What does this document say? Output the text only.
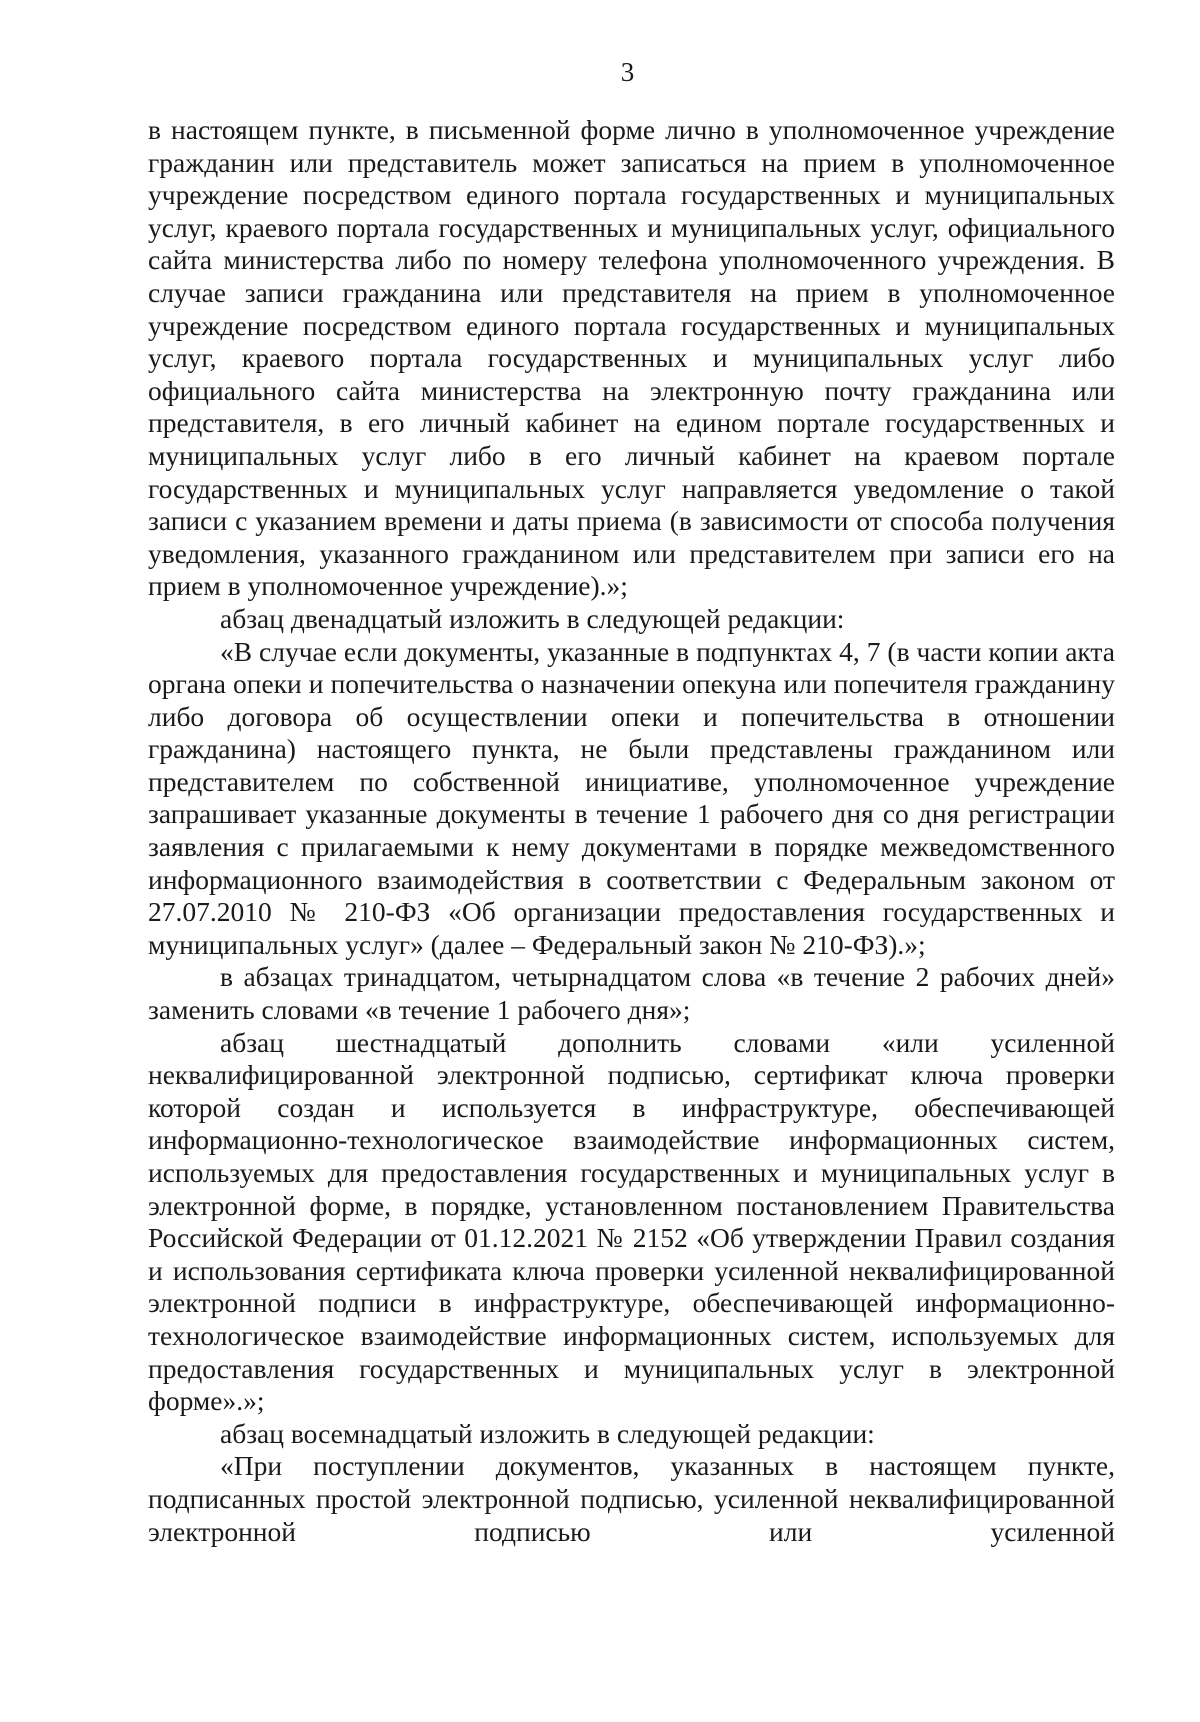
3

в настоящем пункте, в письменной форме лично в уполномоченное учреждение гражданин или представитель может записаться на прием в уполномоченное учреждение посредством единого портала государственных и муниципальных услуг, краевого портала государственных и муниципальных услуг, официального сайта министерства либо по номеру телефона уполномоченного учреждения. В случае записи гражданина или представителя на прием в уполномоченное учреждение посредством единого портала государственных и муниципальных услуг, краевого портала государственных и муниципальных услуг либо официального сайта министерства на электронную почту гражданина или представителя, в его личный кабинет на едином портале государственных и муниципальных услуг либо в его личный кабинет на краевом портале государственных и муниципальных услуг направляется уведомление о такой записи с указанием времени и даты приема (в зависимости от способа получения уведомления, указанного гражданином или представителем при записи его на прием в уполномоченное учреждение).»;

абзац двенадцатый изложить в следующей редакции:

«В случае если документы, указанные в подпунктах 4, 7 (в части копии акта органа опеки и попечительства о назначении опекуна или попечителя гражданину либо договора об осуществлении опеки и попечительства в отношении гражданина) настоящего пункта, не были представлены гражданином или представителем по собственной инициативе, уполномоченное учреждение запрашивает указанные документы в течение 1 рабочего дня со дня регистрации заявления с прилагаемыми к нему документами в порядке межведомственного информационного взаимодействия в соответствии с Федеральным законом от 27.07.2010 № 210-ФЗ «Об организации предоставления государственных и муниципальных услуг» (далее – Федеральный закон № 210-ФЗ).»;

в абзацах тринадцатом, четырнадцатом слова «в течение 2 рабочих дней» заменить словами «в течение 1 рабочего дня»;

абзац шестнадцатый дополнить словами «или усиленной неквалифицированной электронной подписью, сертификат ключа проверки которой создан и используется в инфраструктуре, обеспечивающей информационно-технологическое взаимодействие информационных систем, используемых для предоставления государственных и муниципальных услуг в электронной форме, в порядке, установленном постановлением Правительства Российской Федерации от 01.12.2021 № 2152 «Об утверждении Правил создания и использования сертификата ключа проверки усиленной неквалифицированной электронной подписи в инфраструктуре, обеспечивающей информационно-технологическое взаимодействие информационных систем, используемых для предоставления государственных и муниципальных услуг в электронной форме».»;

абзац восемнадцатый изложить в следующей редакции:

«При поступлении документов, указанных в настоящем пункте, подписанных простой электронной подписью, усиленной неквалифицированной электронной подписью или усиленной
